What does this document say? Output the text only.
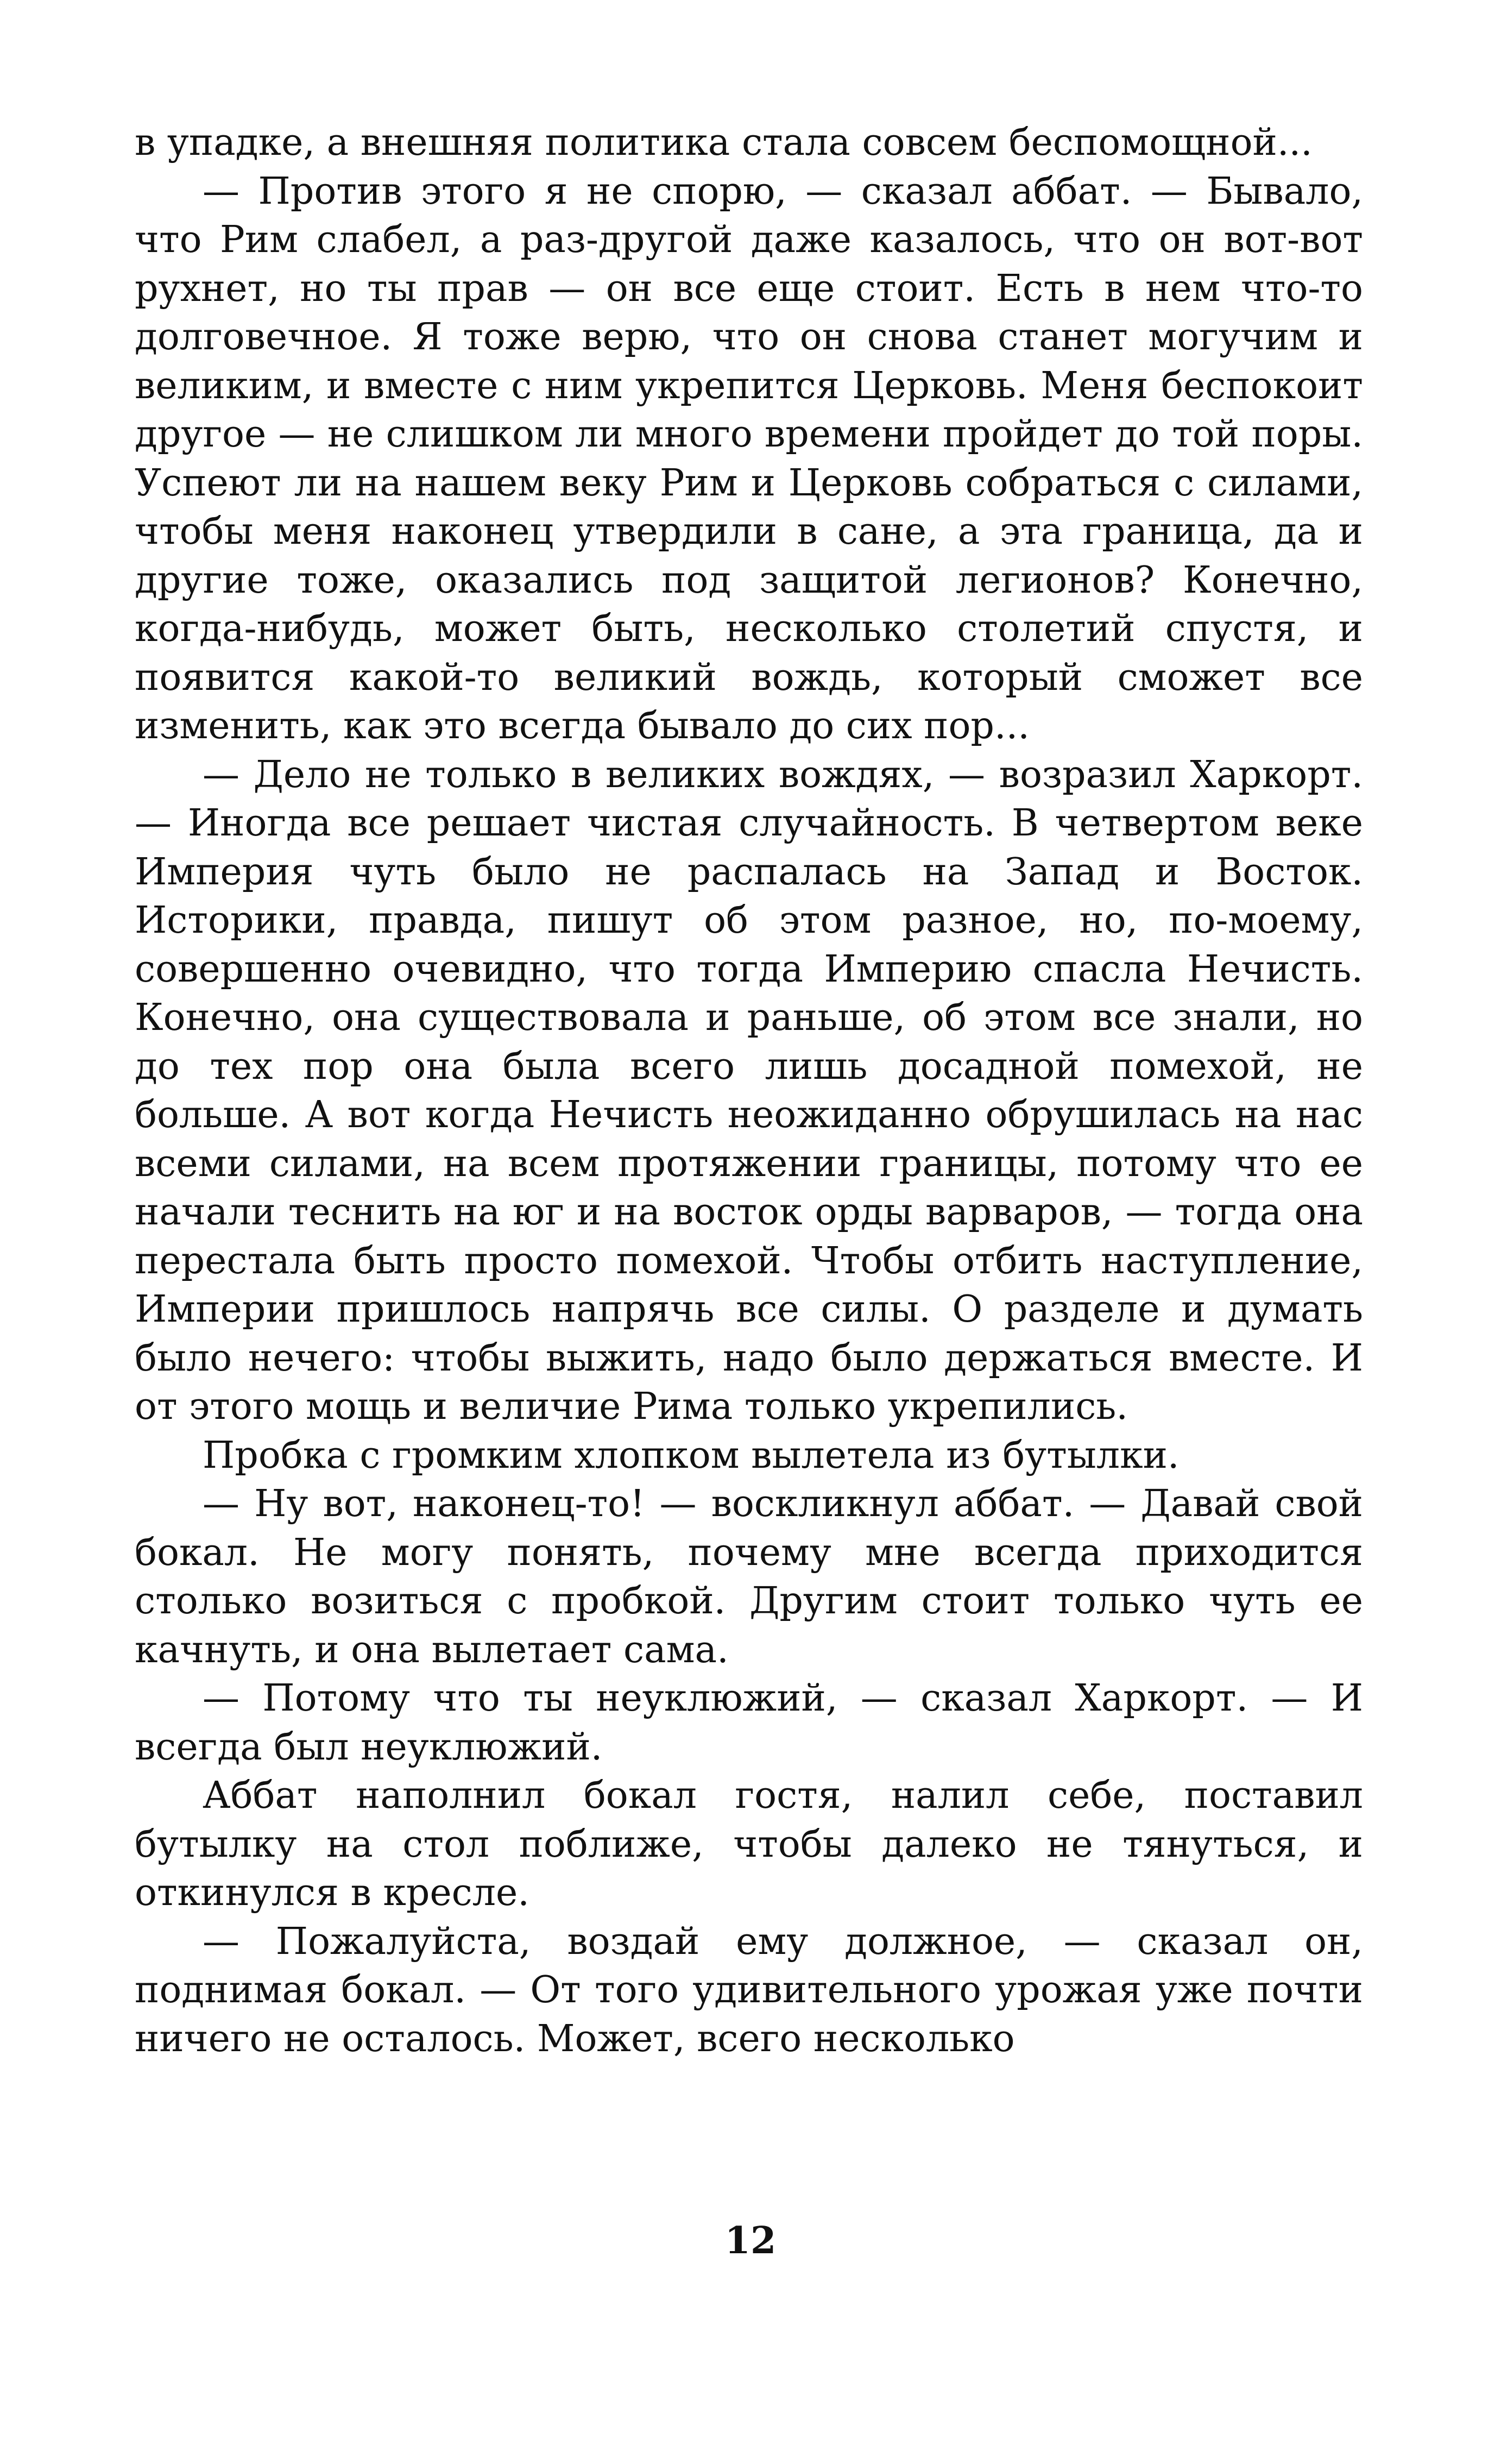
в упадке, а внешняя политика стала совсем беспомощной...

— Против этого я не спорю, — сказал аббат. — Бывало, что Рим слабел, а раз-другой даже казалось, что он вот-вот рухнет, но ты прав — он все еще стоит. Есть в нем что-то долговечное. Я тоже верю, что он снова станет могучим и великим, и вместе с ним укрепится Церковь. Меня беспокоит другое — не слишком ли много времени пройдет до той поры. Успеют ли на нашем веку Рим и Церковь собраться с силами, чтобы меня наконец утвердили в сане, а эта граница, да и другие тоже, оказались под защитой легионов? Конечно, когда-нибудь, может быть, несколько столетий спустя, и появится какой-то великий вождь, который сможет все изменить, как это всегда бывало до сих пор...

— Дело не только в великих вождях, — возразил Харкорт. — Иногда все решает чистая случайность. В четвертом веке Империя чуть было не распалась на Запад и Восток. Историки, правда, пишут об этом разное, но, по-моему, совершенно очевидно, что тогда Империю спасла Нечисть. Конечно, она существовала и раньше, об этом все знали, но до тех пор она была всего лишь досадной помехой, не больше. А вот когда Нечисть неожиданно обрушилась на нас всеми силами, на всем протяжении границы, потому что ее начали теснить на юг и на восток орды варваров, — тогда она перестала быть просто помехой. Чтобы отбить наступление, Империи пришлось напрячь все силы. О разделе и думать было нечего: чтобы выжить, надо было держаться вместе. И от этого мощь и величие Рима только укрепились.

Пробка с громким хлопком вылетела из бутылки.

— Ну вот, наконец-то! — воскликнул аббат. — Давай свой бокал. Не могу понять, почему мне всегда приходится столько возиться с пробкой. Другим стоит только чуть ее качнуть, и она вылетает сама.

— Потому что ты неуклюжий, — сказал Харкорт. — И всегда был неуклюжий.

Аббат наполнил бокал гостя, налил себе, поставил бутылку на стол поближе, чтобы далеко не тянуться, и откинулся в кресле.

— Пожалуйста, воздай ему должное, — сказал он, поднимая бокал. — От того удивительного урожая уже почти ничего не осталось. Может, всего несколько

12
